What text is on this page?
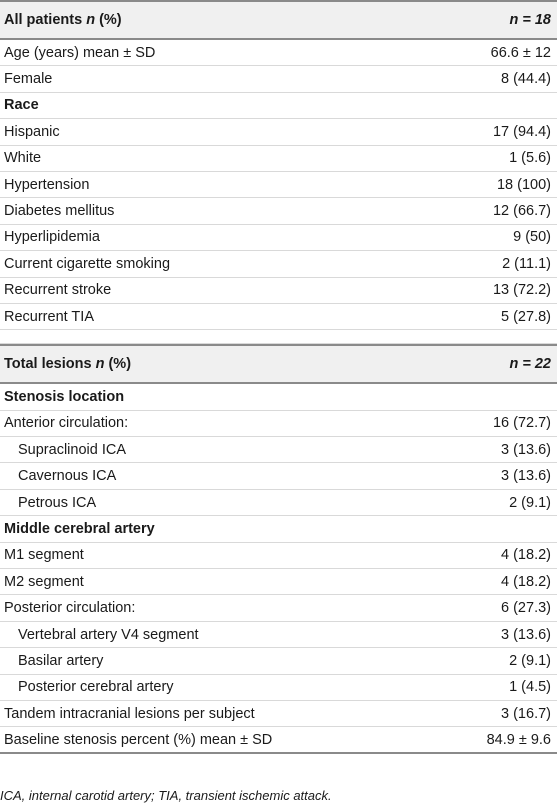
All patients n (%)	n = 18
Age (years) mean ± SD	66.6 ± 12
Female	8 (44.4)
Race
Hispanic	17 (94.4)
White	1 (5.6)
Hypertension	18 (100)
Diabetes mellitus	12 (66.7)
Hyperlipidemia	9 (50)
Current cigarette smoking	2 (11.1)
Recurrent stroke	13 (72.2)
Recurrent TIA	5 (27.8)
Total lesions n (%)	n = 22
Stenosis location
Anterior circulation:	16 (72.7)
Supraclinoid ICA	3 (13.6)
Cavernous ICA	3 (13.6)
Petrous ICA	2 (9.1)
Middle cerebral artery
M1 segment	4 (18.2)
M2 segment	4 (18.2)
Posterior circulation:	6 (27.3)
Vertebral artery V4 segment	3 (13.6)
Basilar artery	2 (9.1)
Posterior cerebral artery	1 (4.5)
Tandem intracranial lesions per subject	3 (16.7)
Baseline stenosis percent (%) mean ± SD	84.9 ± 9.6
ICA, internal carotid artery; TIA, transient ischemic attack.
